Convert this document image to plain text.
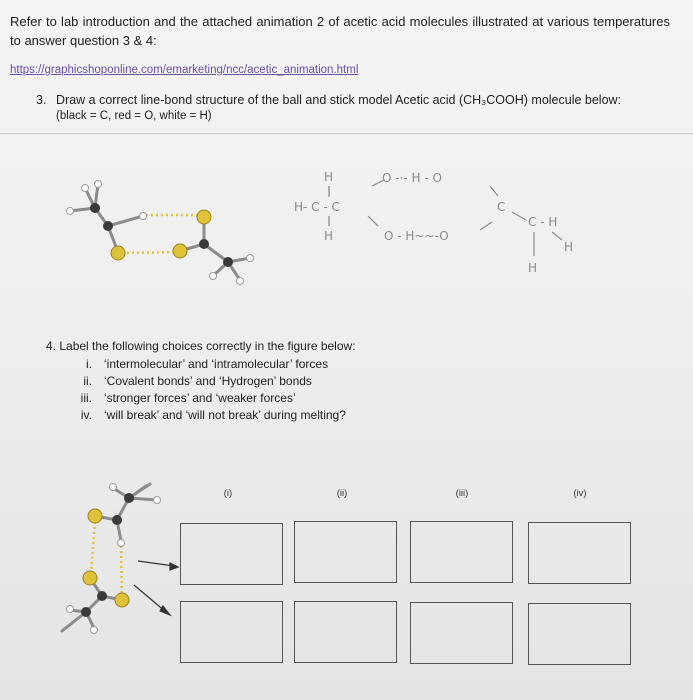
Refer to lab introduction and the attached animation 2 of acetic acid molecules illustrated at various temperatures to answer question 3 & 4:
https://graphicshoponline.com/emarketing/ncc/acetic_animation.html
3. Draw a correct line-bond structure of the ball and stick model Acetic acid (CH₃COOH) molecule below:
(black = C, red = O, white = H)
H
H- C - C
H
O -·- H - O
O - H~~-O
C
C - H
H
H
4. Label the following choices correctly in the figure below:
i. ‘intermolecular’ and ‘intramolecular’ forces
ii. ‘Covalent bonds’ and ‘Hydrogen’ bonds
iii. ‘stronger forces’ and ‘weaker forces’
iv. ‘will break’ and ‘will not break’ during melting?
(i)	(ii)	(iii)	(iv)
